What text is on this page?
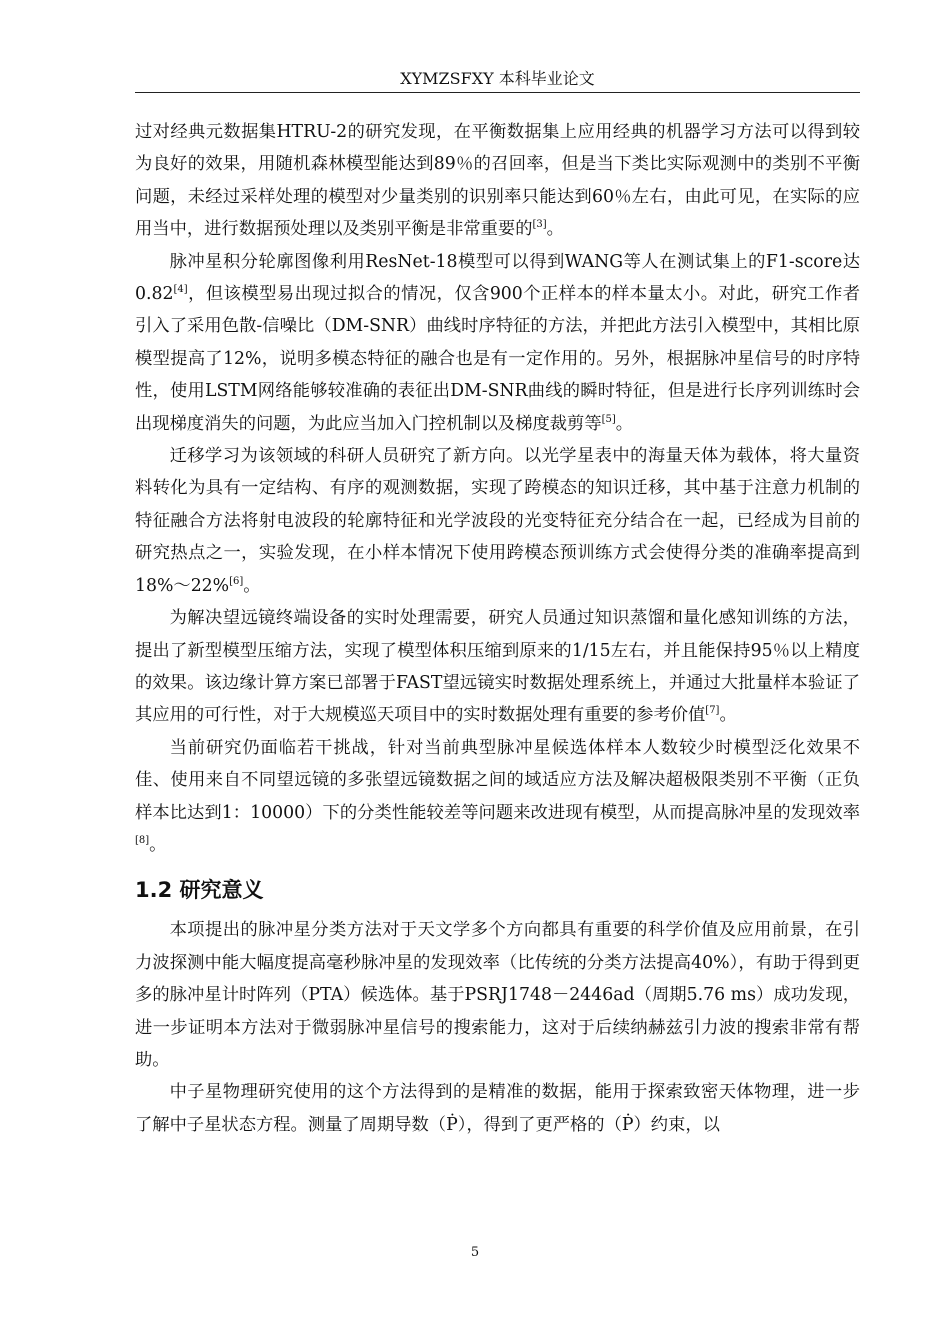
XYMZSFXY 本科毕业论文

过对经典元数据集HTRU-2的研究发现，在平衡数据集上应用经典的机器学习方法可以得到较为良好的效果，用随机森林模型能达到89％的召回率，但是当下类比实际观测中的类别不平衡问题，未经过采样处理的模型对少量类别的识别率只能达到60％左右，由此可见，在实际的应用当中，进行数据预处理以及类别平衡是非常重要的[3]。

脉冲星积分轮廓图像利用ResNet-18模型可以得到WANG等人在测试集上的F1-score达0.82[4]，但该模型易出现过拟合的情况，仅含900个正样本的样本量太小。对此，研究工作者引入了采用色散-信噪比（DM-SNR）曲线时序特征的方法，并把此方法引入模型中，其相比原模型提高了12%，说明多模态特征的融合也是有一定作用的。另外，根据脉冲星信号的时序特性，使用LSTM网络能够较准确的表征出DM-SNR曲线的瞬时特征，但是进行长序列训练时会出现梯度消失的问题，为此应当加入门控机制以及梯度裁剪等[5]。

迁移学习为该领域的科研人员研究了新方向。以光学星表中的海量天体为载体，将大量资料转化为具有一定结构、有序的观测数据，实现了跨模态的知识迁移，其中基于注意力机制的特征融合方法将射电波段的轮廓特征和光学波段的光变特征充分结合在一起，已经成为目前的研究热点之一，实验发现，在小样本情况下使用跨模态预训练方式会使得分类的准确率提高到18%～22%[6]。

为解决望远镜终端设备的实时处理需要，研究人员通过知识蒸馏和量化感知训练的方法，提出了新型模型压缩方法，实现了模型体积压缩到原来的1/15左右，并且能保持95％以上精度的效果。该边缘计算方案已部署于FAST望远镜实时数据处理系统上，并通过大批量样本验证了其应用的可行性，对于大规模巡天项目中的实时数据处理有重要的参考价值[7]。

当前研究仍面临若干挑战，针对当前典型脉冲星候选体样本人数较少时模型泛化效果不佳、使用来自不同望远镜的多张望远镜数据之间的域适应方法及解决超极限类别不平衡（正负样本比达到1：10000）下的分类性能较差等问题来改进现有模型，从而提高脉冲星的发现效率[8]。

1.2 研究意义

本项提出的脉冲星分类方法对于天文学多个方向都具有重要的科学价值及应用前景，在引力波探测中能大幅度提高毫秒脉冲星的发现效率（比传统的分类方法提高40%），有助于得到更多的脉冲星计时阵列（PTA）候选体。基于PSRJ1748－2446ad（周期5.76 ms）成功发现，进一步证明本方法对于微弱脉冲星信号的搜索能力，这对于后续纳赫兹引力波的搜索非常有帮助。

中子星物理研究使用的这个方法得到的是精准的数据，能用于探索致密天体物理，进一步了解中子星状态方程。测量了周期导数（Ṗ），得到了更严格的（Ṗ）约束，以

5
